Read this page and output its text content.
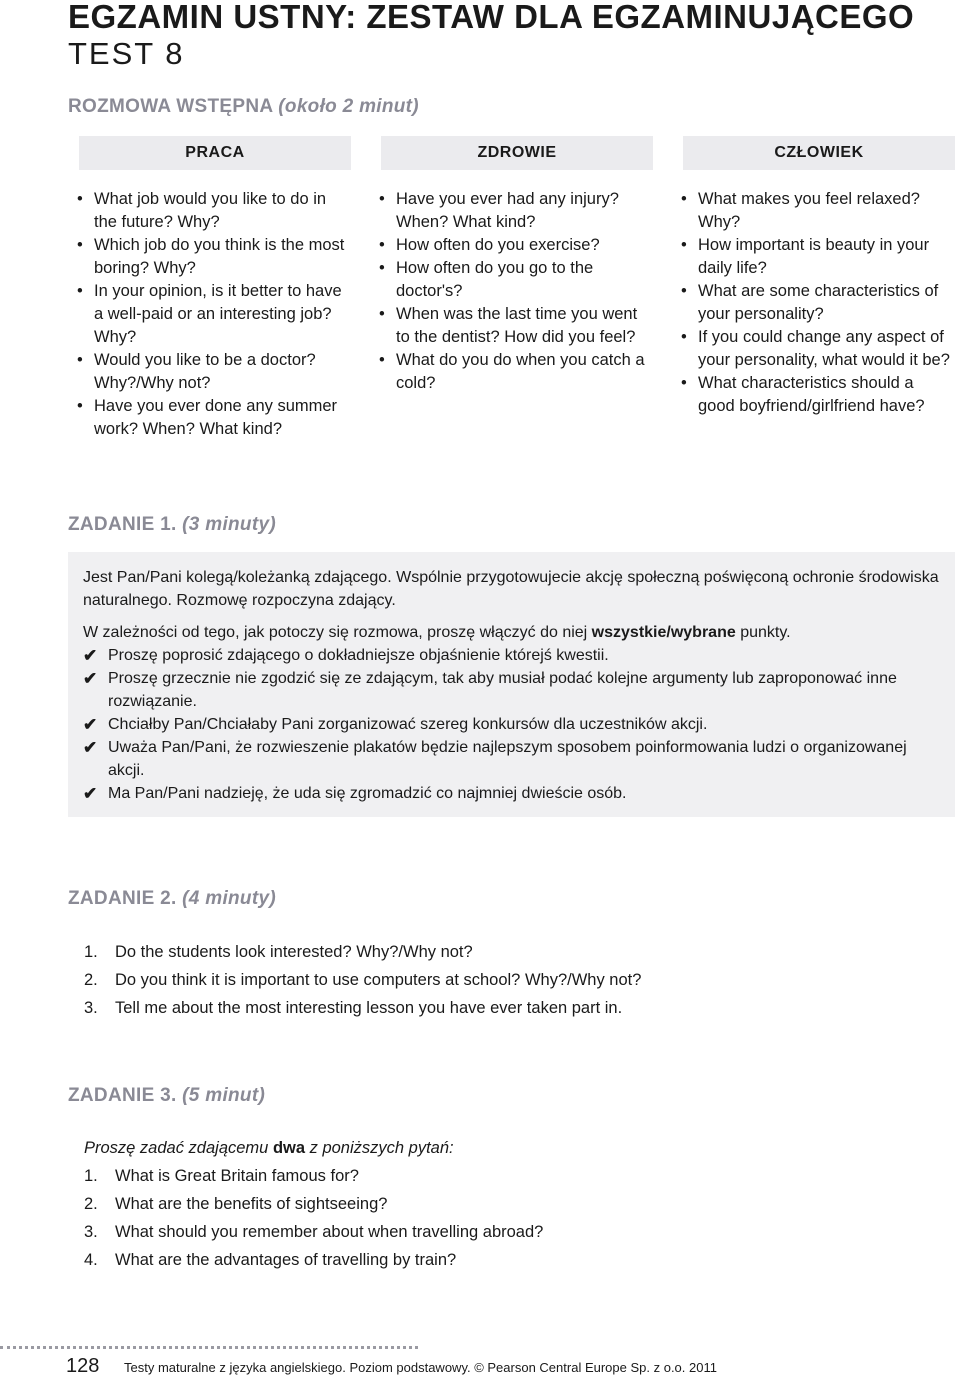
EGZAMIN USTNY: ZESTAW DLA EGZAMINUJĄCEGO
TEST 8
ROZMOWA WSTĘPNA (około 2 minut)
PRACA	ZDROWIE	CZŁOWIEK
• What job would you like to do in the future? Why?
• Which job do you think is the most boring? Why?
• In your opinion, is it better to have a well-paid or an interesting job? Why?
• Would you like to be a doctor? Why?/Why not?
• Have you ever done any summer work? When? What kind?
• Have you ever had any injury? When? What kind?
• How often do you exercise?
• How often do you go to the doctor's?
• When was the last time you went to the dentist? How did you feel?
• What do you do when you catch a cold?
• What makes you feel relaxed? Why?
• How important is beauty in your daily life?
• What are some characteristics of your personality?
• If you could change any aspect of your personality, what would it be?
• What characteristics should a good boyfriend/girlfriend have?
ZADANIE 1. (3 minuty)

Jest Pan/Pani kolegą/koleżanką zdającego. Wspólnie przygotowujecie akcję społeczną poświęconą ochronie środowiska naturalnego. Rozmowę rozpoczyna zdający.

W zależności od tego, jak potoczy się rozmowa, proszę włączyć do niej wszystkie/wybrane punkty.

✔ Proszę poprosić zdającego o dokładniejsze objaśnienie którejś kwestii.
✔ Proszę grzecznie nie zgodzić się ze zdającym, tak aby musiał podać kolejne argumenty lub zaproponować inne rozwiązanie.
✔ Chciałby Pan/Chciałaby Pani zorganizować szereg konkursów dla uczestników akcji.
✔ Uważa Pan/Pani, że rozwieszenie plakatów będzie najlepszym sposobem poinformowania ludzi o organizowanej akcji.
✔ Ma Pan/Pani nadzieję, że uda się zgromadzić co najmniej dwieście osób.
ZADANIE 2. (4 minuty)
1. Do the students look interested? Why?/Why not?
2. Do you think it is important to use computers at school? Why?/Why not?
3. Tell me about the most interesting lesson you have ever taken part in.
ZADANIE 3. (5 minut)
Proszę zadać zdającemu dwa z poniższych pytań:
1. What is Great Britain famous for?
2. What are the benefits of sightseeing?
3. What should you remember about when travelling abroad?
4. What are the advantages of travelling by train?
128 Testy maturalne z języka angielskiego. Poziom podstawowy. © Pearson Central Europe Sp. z o.o. 2011
